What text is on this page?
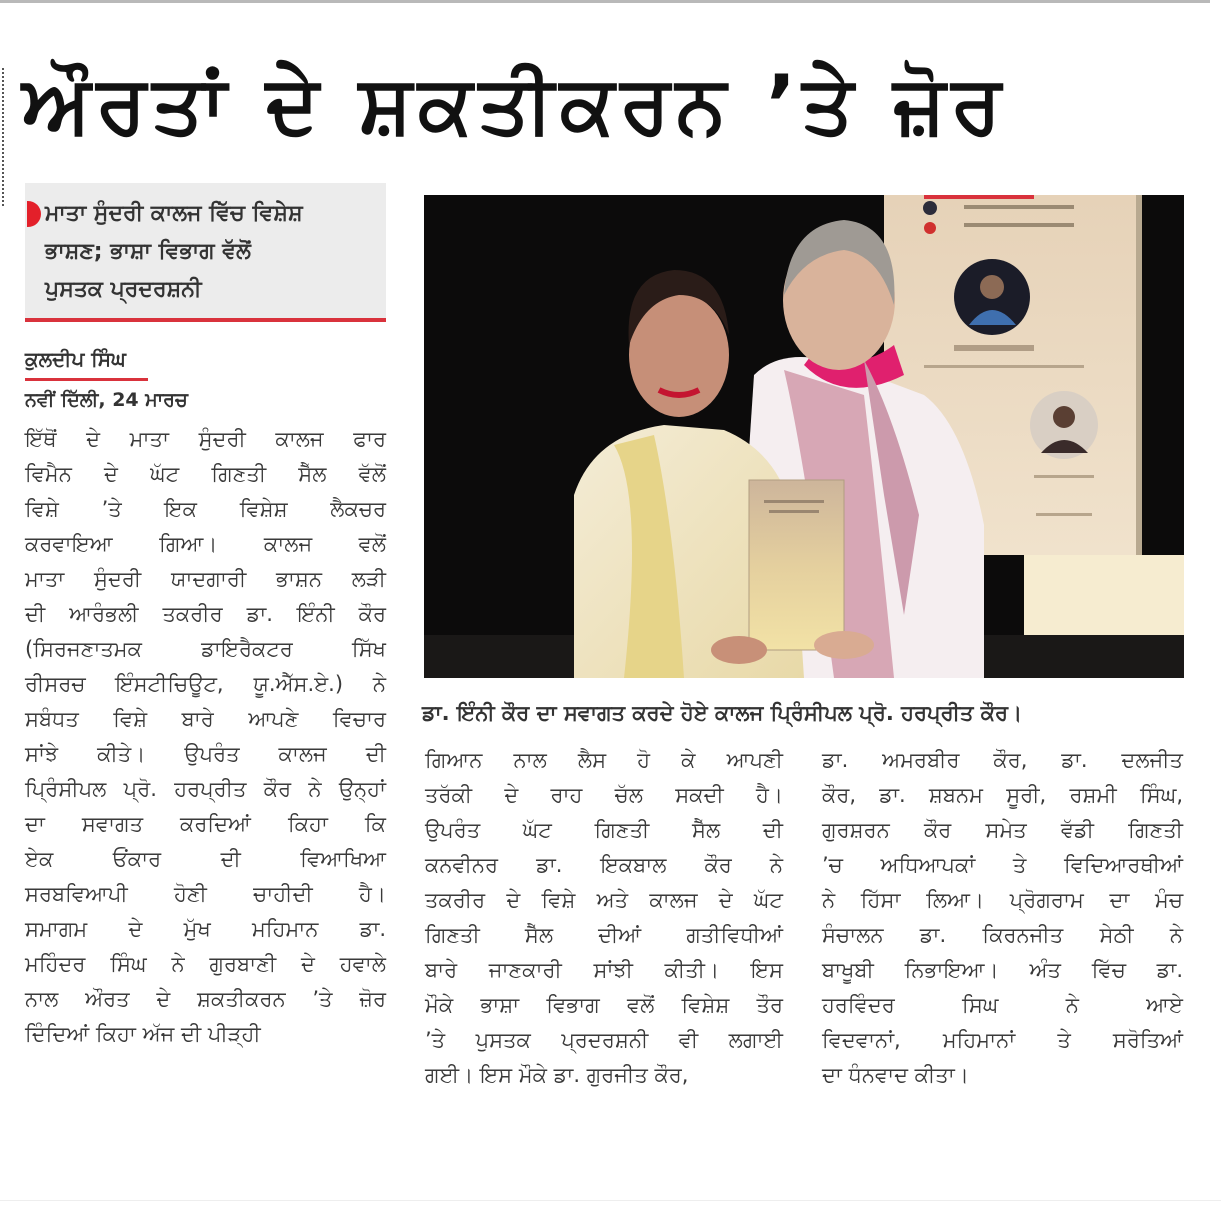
ਔਰਤਾਂ ਦੇ ਸ਼ਕਤੀਕਰਨ ’ਤੇ ਜ਼ੋਰ
ਮਾਤਾ ਸੁੰਦਰੀ ਕਾਲਜ ਵਿੱਚ ਵਿਸ਼ੇਸ਼
ਭਾਸ਼ਣ; ਭਾਸ਼ਾ ਵਿਭਾਗ ਵੱਲੋਂ
ਪੁਸਤਕ ਪ੍ਰਦਰਸ਼ਨੀ
ਕੁਲਦੀਪ ਸਿੰਘ
ਨਵੀਂ ਦਿੱਲੀ, 24 ਮਾਰਚ
ਇੱਥੋਂ ਦੇ ਮਾਤਾ ਸੁੰਦਰੀ ਕਾਲਜ ਫਾਰ
ਵਿਮੈਨ ਦੇ ਘੱਟ ਗਿਣਤੀ ਸੈੱਲ ਵੱਲੋਂ
ਵਿਸ਼ੇ ’ਤੇ ਇਕ ਵਿਸ਼ੇਸ਼ ਲੈਕਚਰ
ਕਰਵਾਇਆ ਗਿਆ। ਕਾਲਜ ਵਲੋਂ
ਮਾਤਾ ਸੁੰਦਰੀ ਯਾਦਗਾਰੀ ਭਾਸ਼ਨ ਲੜੀ
ਦੀ ਆਰੰਭਲੀ ਤਕਰੀਰ ਡਾ. ਇੰਨੀ ਕੌਰ
(ਸਿਰਜਣਾਤਮਕ ਡਾਇਰੈਕਟਰ ਸਿੱਖ
ਰੀਸਰਚ ਇੰਸਟੀਚਿਊਟ, ਯੂ.ਐੱਸ.ਏ.) ਨੇ
ਸਬੰਧਤ ਵਿਸ਼ੇ ਬਾਰੇ ਆਪਣੇ ਵਿਚਾਰ
ਸਾਂਝੇ ਕੀਤੇ। ਉਪਰੰਤ ਕਾਲਜ ਦੀ
ਪ੍ਰਿੰਸੀਪਲ ਪ੍ਰੋ. ਹਰਪ੍ਰੀਤ ਕੌਰ ਨੇ ਉਨ੍ਹਾਂ
ਦਾ ਸਵਾਗਤ ਕਰਦਿਆਂ ਕਿਹਾ ਕਿ
ਏਕ ਓਂਕਾਰ ਦੀ ਵਿਆਖਿਆ
ਸਰਬਵਿਆਪੀ ਹੋਣੀ ਚਾਹੀਦੀ ਹੈ।
ਸਮਾਗਮ ਦੇ ਮੁੱਖ ਮਹਿਮਾਨ ਡਾ.
ਮਹਿੰਦਰ ਸਿੰਘ ਨੇ ਗੁਰਬਾਣੀ ਦੇ ਹਵਾਲੇ
ਨਾਲ ਔਰਤ ਦੇ ਸ਼ਕਤੀਕਰਨ ’ਤੇ ਜ਼ੋਰ
ਦਿੰਦਿਆਂ ਕਿਹਾ ਅੱਜ ਦੀ ਪੀੜ੍ਹੀ
ਡਾ. ਇੰਨੀ ਕੌਰ ਦਾ ਸਵਾਗਤ ਕਰਦੇ ਹੋਏ ਕਾਲਜ ਪ੍ਰਿੰਸੀਪਲ ਪ੍ਰੋ. ਹਰਪ੍ਰੀਤ ਕੌਰ।
ਗਿਆਨ ਨਾਲ ਲੈਸ ਹੋ ਕੇ ਆਪਣੀ
ਤਰੱਕੀ ਦੇ ਰਾਹ ਚੱਲ ਸਕਦੀ ਹੈ।
ਉਪਰੰਤ ਘੱਟ ਗਿਣਤੀ ਸੈੱਲ ਦੀ
ਕਨਵੀਨਰ ਡਾ. ਇਕਬਾਲ ਕੌਰ ਨੇ
ਤਕਰੀਰ ਦੇ ਵਿਸ਼ੇ ਅਤੇ ਕਾਲਜ ਦੇ ਘੱਟ
ਗਿਣਤੀ ਸੈੱਲ ਦੀਆਂ ਗਤੀਵਿਧੀਆਂ
ਬਾਰੇ ਜਾਣਕਾਰੀ ਸਾਂਝੀ ਕੀਤੀ। ਇਸ
ਮੌਕੇ ਭਾਸ਼ਾ ਵਿਭਾਗ ਵਲੋਂ ਵਿਸ਼ੇਸ਼ ਤੌਰ
’ਤੇ ਪੁਸਤਕ ਪ੍ਰਦਰਸ਼ਨੀ ਵੀ ਲਗਾਈ
ਗਈ। ਇਸ ਮੌਕੇ ਡਾ. ਗੁਰਜੀਤ ਕੌਰ,
ਡਾ. ਅਮਰਬੀਰ ਕੌਰ, ਡਾ. ਦਲਜੀਤ
ਕੌਰ, ਡਾ. ਸ਼ਬਨਮ ਸੂਰੀ, ਰਸ਼ਮੀ ਸਿੰਘ,
ਗੁਰਸ਼ਰਨ ਕੌਰ ਸਮੇਤ ਵੱਡੀ ਗਿਣਤੀ
’ਚ ਅਧਿਆਪਕਾਂ ਤੇ ਵਿਦਿਆਰਥੀਆਂ
ਨੇ ਹਿੱਸਾ ਲਿਆ। ਪ੍ਰੋਗਰਾਮ ਦਾ ਮੰਚ
ਸੰਚਾਲਨ ਡਾ. ਕਿਰਨਜੀਤ ਸੇਠੀ ਨੇ
ਬਾਖੂਬੀ ਨਿਭਾਇਆ। ਅੰਤ ਵਿੱਚ ਡਾ.
ਹਰਵਿੰਦਰ ਸਿਘ ਨੇ ਆਏ
ਵਿਦਵਾਨਾਂ, ਮਹਿਮਾਨਾਂ ਤੇ ਸਰੋਤਿਆਂ
ਦਾ ਧੰਨਵਾਦ ਕੀਤਾ।
